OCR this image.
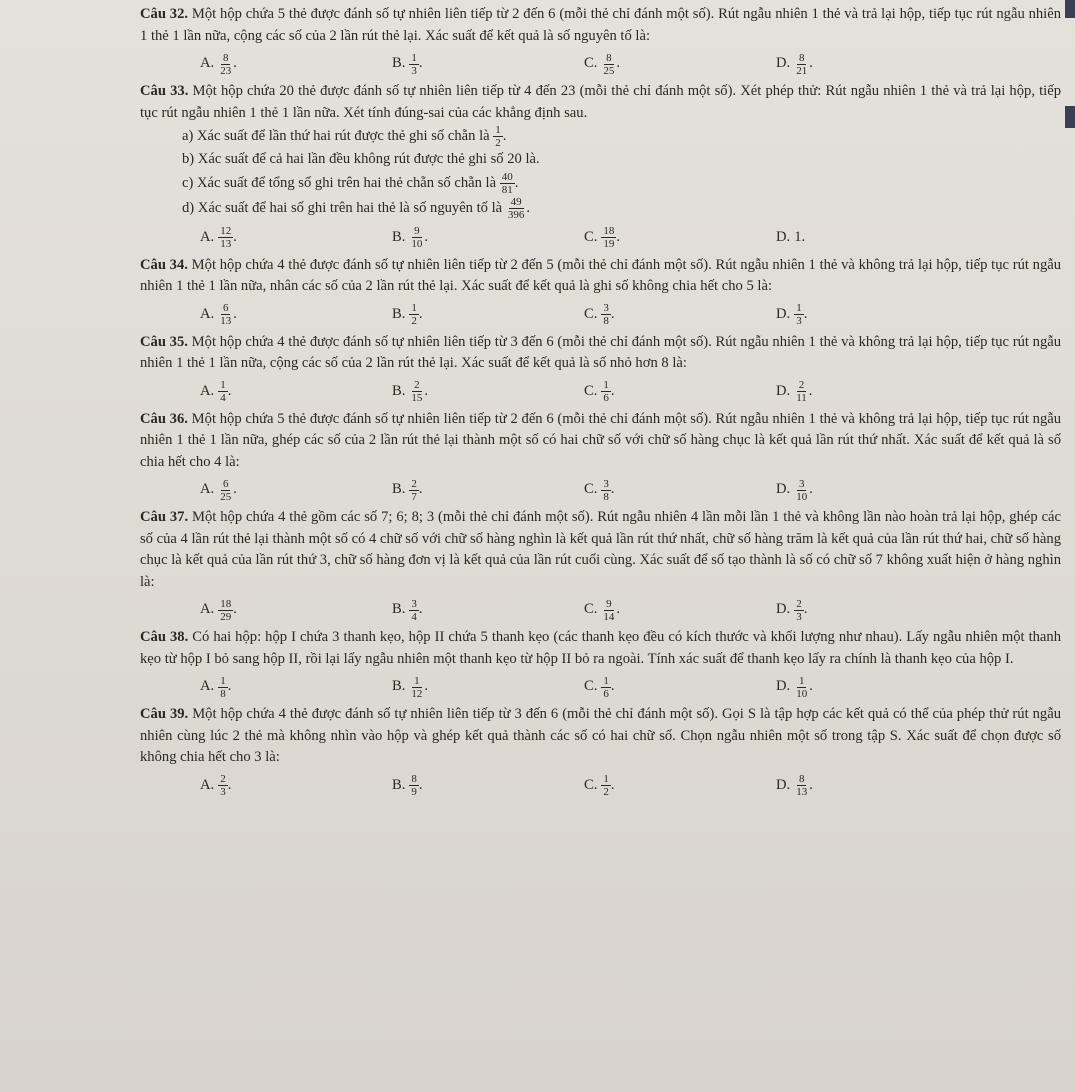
Câu 32. Một hộp chứa 5 thẻ được đánh số tự nhiên liên tiếp từ 2 đến 6 (mỗi thẻ chỉ đánh một số). Rút ngẫu nhiên 1 thẻ và trả lại hộp, tiếp tục rút ngẫu nhiên 1 thẻ 1 lần nữa, cộng các số của 2 lần rút thẻ lại. Xác suất để kết quả là số nguyên tố là:

A. $\frac{8}{23}$ .	B. $\frac{1}{3}$ .	C. $\frac{8}{25}$ .	D. $\frac{8}{21}$ .

Câu 33. Một hộp chứa 20 thẻ được đánh số tự nhiên liên tiếp từ 4 đến 23 (mỗi thẻ chỉ đánh một số). Xét phép thử: Rút ngẫu nhiên 1 thẻ và trả lại hộp, tiếp tục rút ngẫu nhiên 1 thẻ 1 lần nữa. Xét tính đúng-sai của các khẳng định sau.

a) Xác suất để lần thứ hai rút được thẻ ghi số chẵn là $\frac{1}{2}$ .

b) Xác suất để cả hai lần đều không rút được thẻ ghi số 20 là.

c) Xác suất để tổng số ghi trên hai thẻ chẵn số chẵn là $\frac{40}{81}$ .

d) Xác suất để hai số ghi trên hai thẻ là số nguyên tố là $\frac{49}{396}$ .

A. $\frac{12}{13}$ .	B. $\frac{9}{10}$ .	C. $\frac{18}{19}$ .	D. 1.

Câu 34. Một hộp chứa 4 thẻ được đánh số tự nhiên liên tiếp từ 2 đến 5 (mỗi thẻ chỉ đánh một số). Rút ngẫu nhiên 1 thẻ và không trả lại hộp, tiếp tục rút ngẫu nhiên 1 thẻ 1 lần nữa, nhân các số của 2 lần rút thẻ lại. Xác suất để kết quả là ghi số không chia hết cho 5 là:

A. $\frac{6}{13}$ .	B. $\frac{1}{2}$ .	C. $\frac{3}{8}$ .	D. $\frac{1}{3}$ .

Câu 35. Một hộp chứa 4 thẻ được đánh số tự nhiên liên tiếp từ 3 đến 6 (mỗi thẻ chỉ đánh một số). Rút ngẫu nhiên 1 thẻ và không trả lại hộp, tiếp tục rút ngẫu nhiên 1 thẻ 1 lần nữa, cộng các số của 2 lần rút thẻ lại. Xác suất để kết quả là số nhỏ hơn 8 là:

A. $\frac{1}{4}$ .	B. $\frac{2}{15}$ .	C. $\frac{1}{6}$ .	D. $\frac{2}{11}$ .

Câu 36. Một hộp chứa 5 thẻ được đánh số tự nhiên liên tiếp từ 2 đến 6 (mỗi thẻ chỉ đánh một số). Rút ngẫu nhiên 1 thẻ và không trả lại hộp, tiếp tục rút ngẫu nhiên 1 thẻ 1 lần nữa, ghép các số của 2 lần rút thẻ lại thành một số có hai chữ số với chữ số hàng chục là kết quả lần rút thứ nhất. Xác suất để kết quả là số chia hết cho 4 là:

A. $\frac{6}{25}$ .	B. $\frac{2}{7}$ .	C. $\frac{3}{8}$ .	D. $\frac{3}{10}$ .

Câu 37. Một hộp chứa 4 thẻ gồm các số 7; 6; 8; 3 (mỗi thẻ chỉ đánh một số). Rút ngẫu nhiên 4 lần mỗi lần 1 thẻ và không lần nào hoàn trả lại hộp, ghép các số của 4 lần rút thẻ lại thành một số có 4 chữ số với chữ số hàng nghìn là kết quả lần rút thứ nhất, chữ số hàng trăm là kết quả của lần rút thứ hai, chữ số hàng chục là kết quả của lần rút thứ 3, chữ số hàng đơn vị là kết quả của lần rút cuối cùng. Xác suất để số tạo thành là số có chữ số 7 không xuất hiện ở hàng nghìn là:

A. $\frac{18}{29}$ .	B. $\frac{3}{4}$ .	C. $\frac{9}{14}$ .	D. $\frac{2}{3}$ .

Câu 38. Có hai hộp: hộp I chứa 3 thanh kẹo, hộp II chứa 5 thanh kẹo (các thanh kẹo đều có kích thước và khối lượng như nhau). Lấy ngẫu nhiên một thanh kẹo từ hộp I bỏ sang hộp II, rồi lại lấy ngẫu nhiên một thanh kẹo từ hộp II bỏ ra ngoài. Tính xác suất để thanh kẹo lấy ra chính là thanh kẹo của hộp I.

A. $\frac{1}{8}$ .	B. $\frac{1}{12}$ .	C. $\frac{1}{6}$ .	D. $\frac{1}{10}$ .

Câu 39. Một hộp chứa 4 thẻ được đánh số tự nhiên liên tiếp từ 3 đến 6 (mỗi thẻ chỉ đánh một số). Gọi S là tập hợp các kết quả có thể của phép thử rút ngẫu nhiên cùng lúc 2 thẻ mà không nhìn vào hộp và ghép kết quả thành các số có hai chữ số. Chọn ngẫu nhiên một số trong tập S. Xác suất để chọn được số không chia hết cho 3 là:

A. $\frac{2}{3}$ .	B. $\frac{8}{9}$ .	C. $\frac{1}{2}$ .	D. $\frac{8}{13}$ .
